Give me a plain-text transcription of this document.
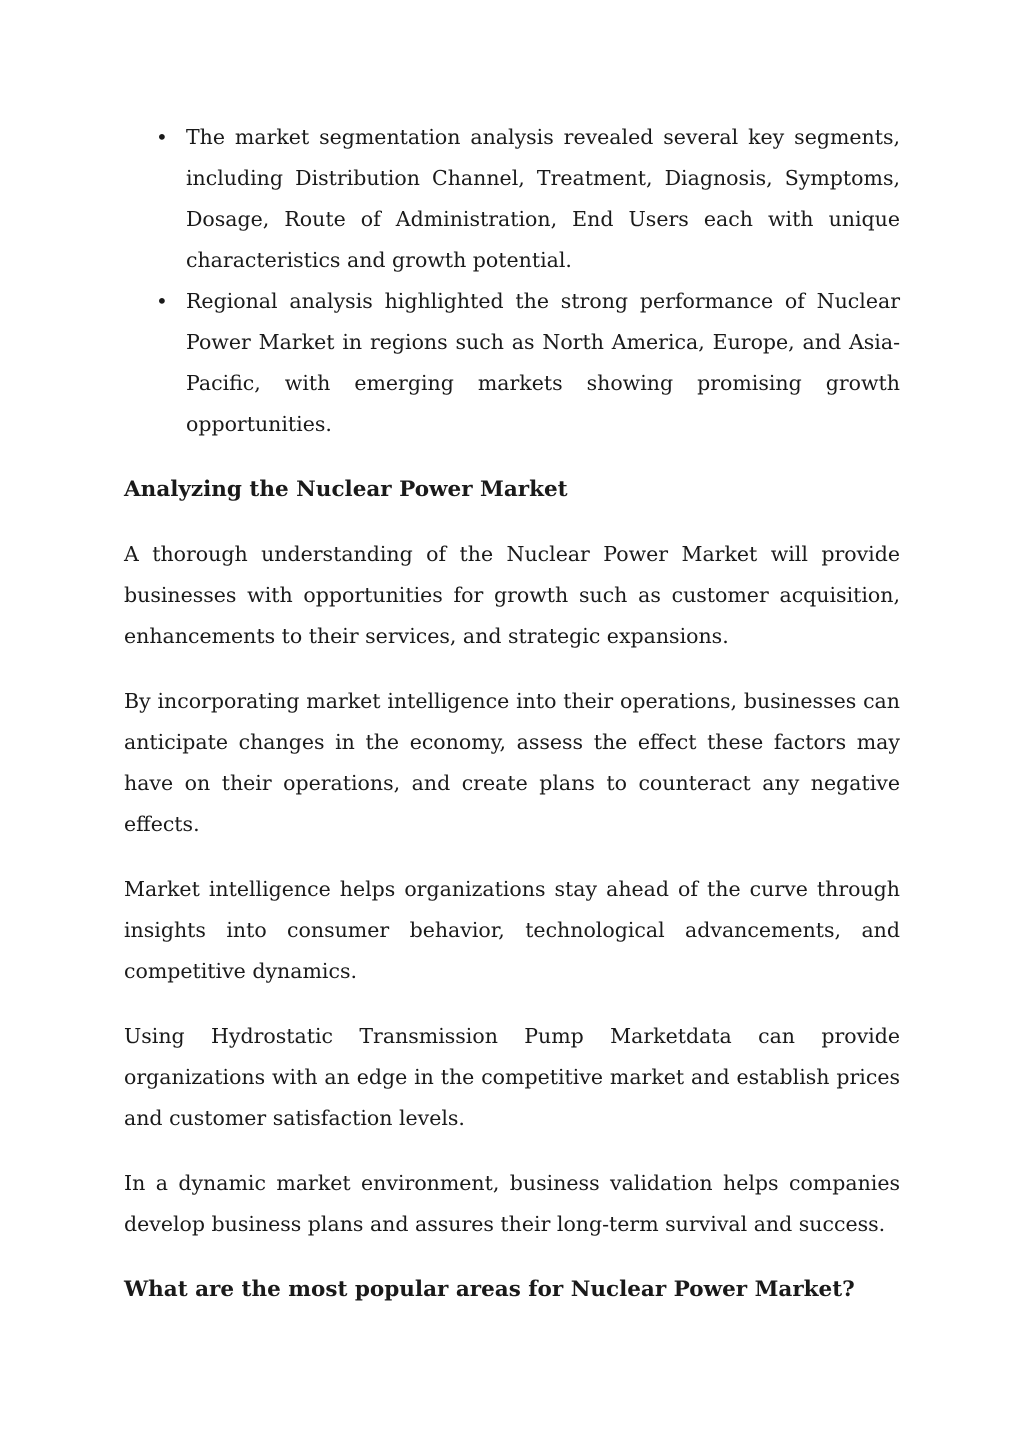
• The market segmentation analysis revealed several key segments, including Distribution Channel, Treatment, Diagnosis, Symptoms, Dosage, Route of Administration, End Users each with unique characteristics and growth potential.
• Regional analysis highlighted the strong performance of Nuclear Power Market in regions such as North America, Europe, and Asia-Pacific, with emerging markets showing promising growth opportunities.
Analyzing the Nuclear Power Market

A thorough understanding of the Nuclear Power Market will provide businesses with opportunities for growth such as customer acquisition, enhancements to their services, and strategic expansions.

By incorporating market intelligence into their operations, businesses can anticipate changes in the economy, assess the effect these factors may have on their operations, and create plans to counteract any negative effects.

Market intelligence helps organizations stay ahead of the curve through insights into consumer behavior, technological advancements, and competitive dynamics.

Using Hydrostatic Transmission Pump Marketdata can provide organizations with an edge in the competitive market and establish prices and customer satisfaction levels.

In a dynamic market environment, business validation helps companies develop business plans and assures their long-term survival and success.

What are the most popular areas for Nuclear Power Market?
